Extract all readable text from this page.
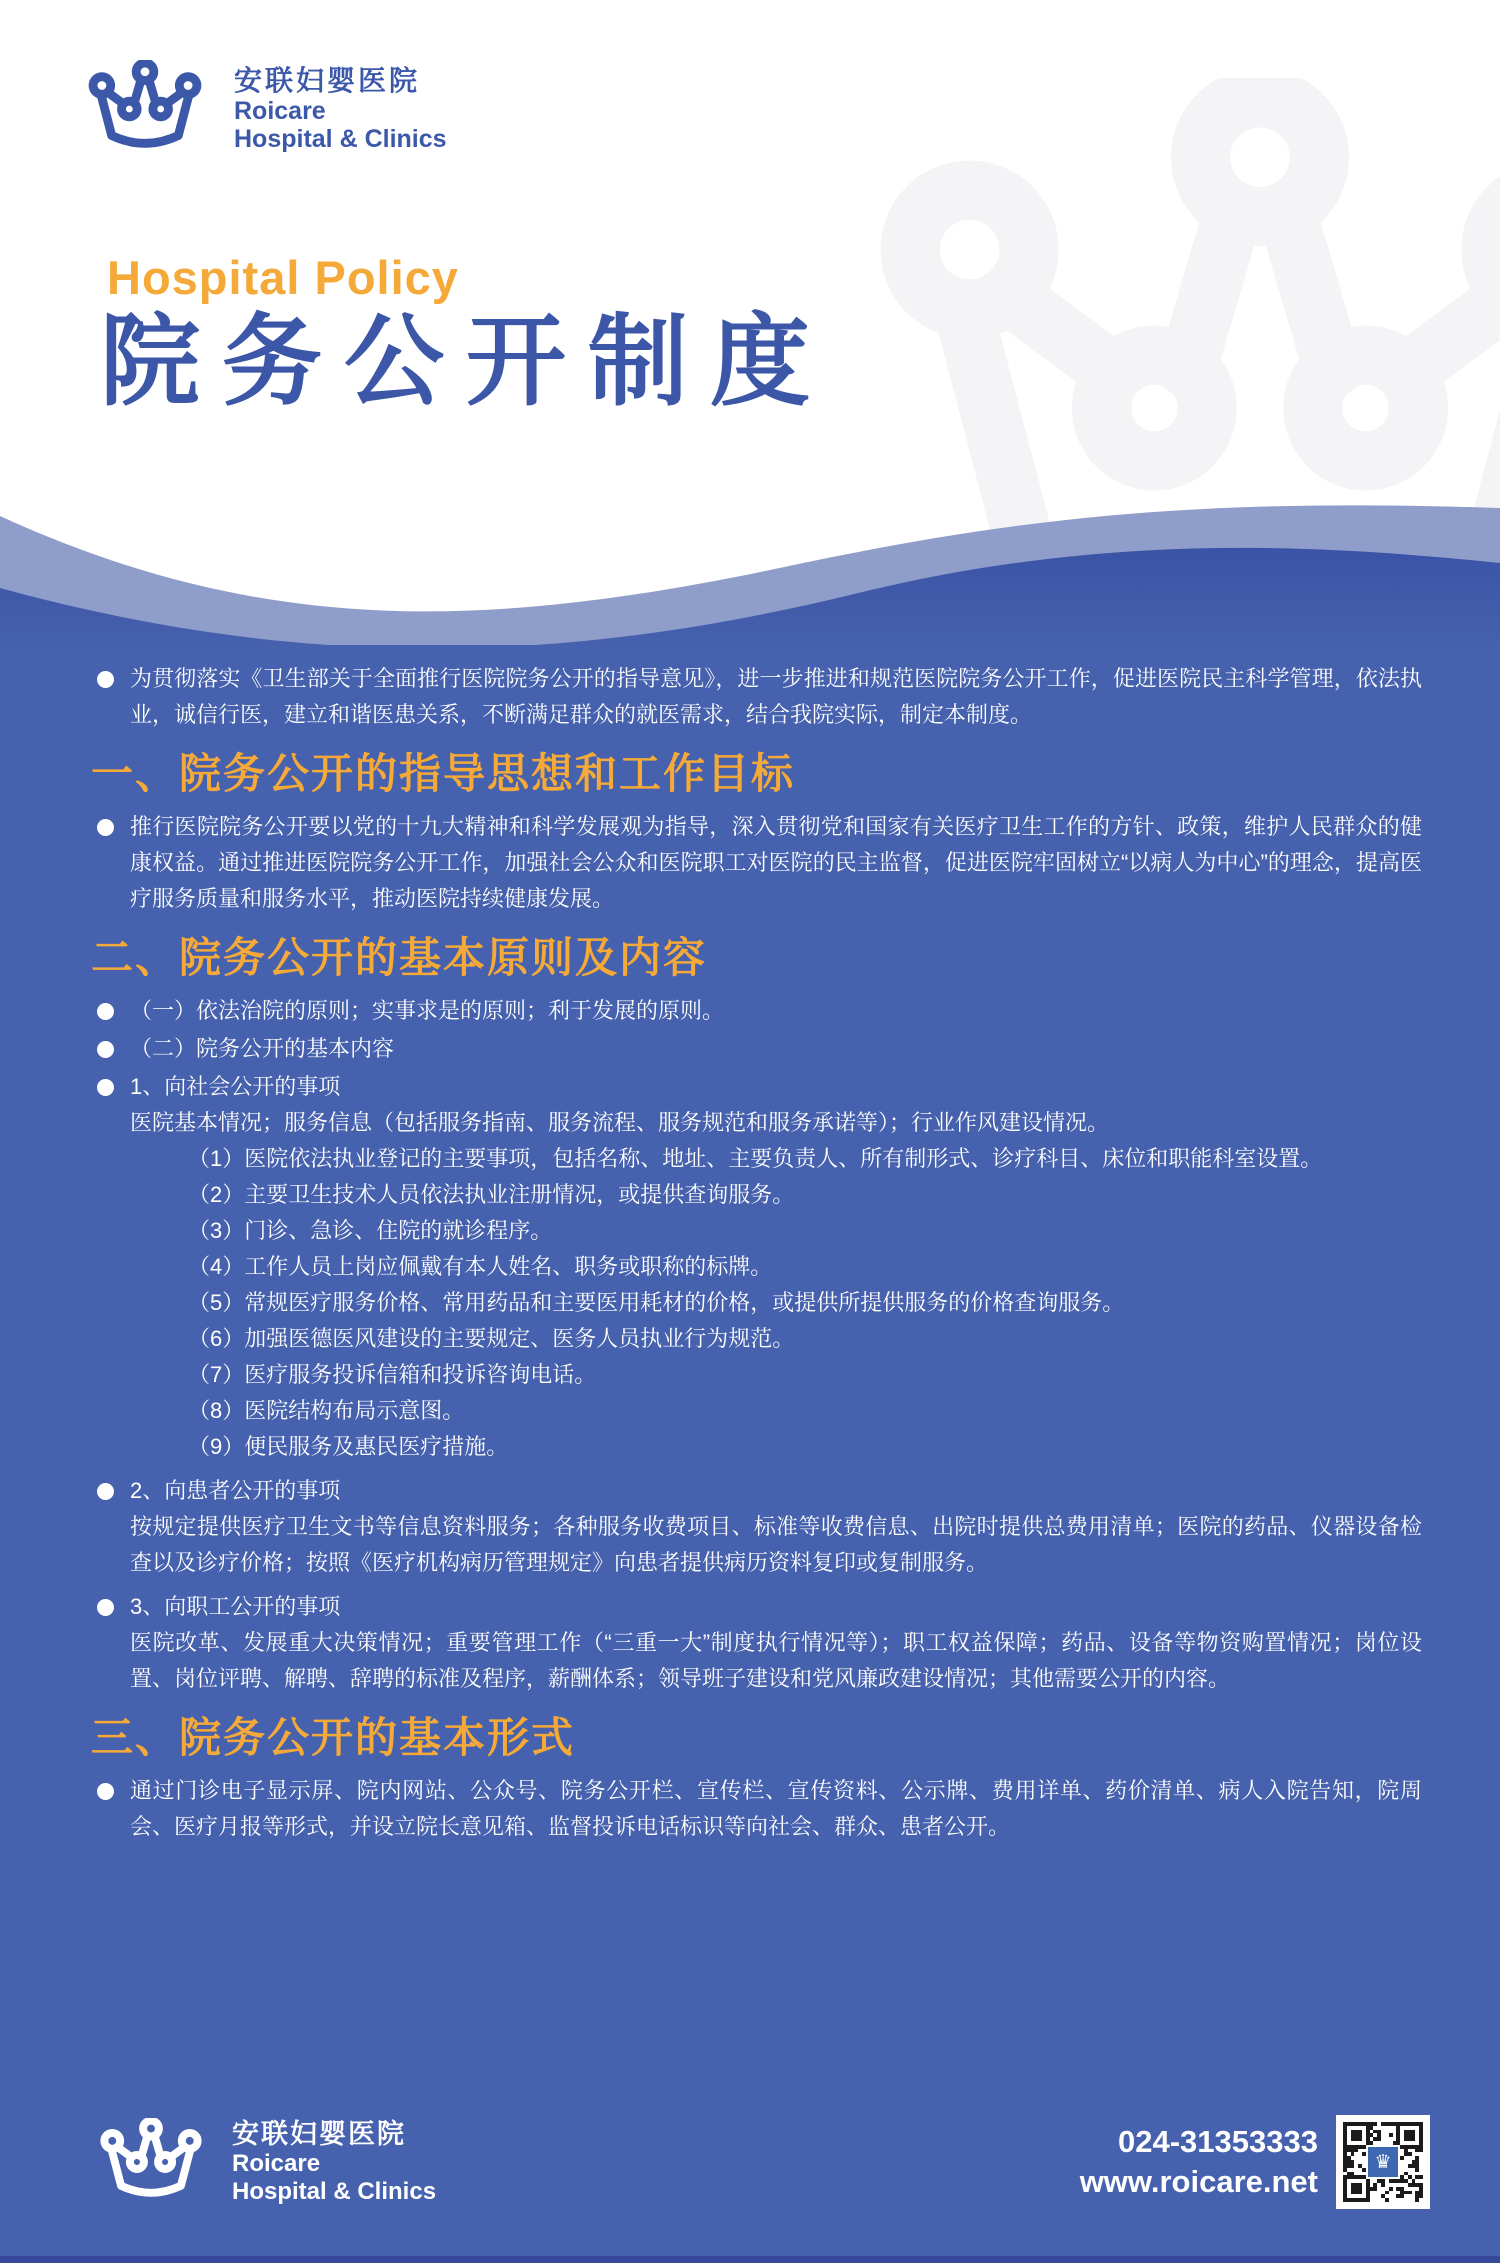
安联妇婴医院
Roicare
Hospital & Clinics
Hospital Policy
院务公开制度
为贯彻落实《卫生部关于全面推行医院院务公开的指导意见》，进一步推进和规范医院院务公开工作，促进医院民主科学管理，依法执业，诚信行医，建立和谐医患关系，不断满足群众的就医需求，结合我院实际，制定本制度。
一、院务公开的指导思想和工作目标
推行医院院务公开要以党的十九大精神和科学发展观为指导，深入贯彻党和国家有关医疗卫生工作的方针、政策，维护人民群众的健康权益。通过推进医院院务公开工作，加强社会公众和医院职工对医院的民主监督，促进医院牢固树立“以病人为中心”的理念，提高医疗服务质量和服务水平，推动医院持续健康发展。
二、院务公开的基本原则及内容
（一）依法治院的原则；实事求是的原则；利于发展的原则。
（二）院务公开的基本内容
1、向社会公开的事项
医院基本情况；服务信息（包括服务指南、服务流程、服务规范和服务承诺等）；行业作风建设情况。
（1）医院依法执业登记的主要事项，包括名称、地址、主要负责人、所有制形式、诊疗科目、床位和职能科室设置。
（2）主要卫生技术人员依法执业注册情况，或提供查询服务。
（3）门诊、急诊、住院的就诊程序。
（4）工作人员上岗应佩戴有本人姓名、职务或职称的标牌。
（5）常规医疗服务价格、常用药品和主要医用耗材的价格，或提供所提供服务的价格查询服务。
（6）加强医德医风建设的主要规定、医务人员执业行为规范。
（7）医疗服务投诉信箱和投诉咨询电话。
（8）医院结构布局示意图。
（9）便民服务及惠民医疗措施。
2、向患者公开的事项
按规定提供医疗卫生文书等信息资料服务；各种服务收费项目、标准等收费信息、出院时提供总费用清单；医院的药品、仪器设备检查以及诊疗价格；按照《医疗机构病历管理规定》向患者提供病历资料复印或复制服务。
3、向职工公开的事项
医院改革、发展重大决策情况；重要管理工作（“三重一大”制度执行情况等）；职工权益保障；药品、设备等物资购置情况；岗位设置、岗位评聘、解聘、辞聘的标准及程序，薪酬体系；领导班子建设和党风廉政建设情况；其他需要公开的内容。
三、院务公开的基本形式
通过门诊电子显示屏、院内网站、公众号、院务公开栏、宣传栏、宣传资料、公示牌、费用详单、药价清单、病人入院告知，院周会、医疗月报等形式，并设立院长意见箱、监督投诉电话标识等向社会、群众、患者公开。
安联妇婴医院
Roicare
Hospital & Clinics
024-31353333
www.roicare.net
♛
